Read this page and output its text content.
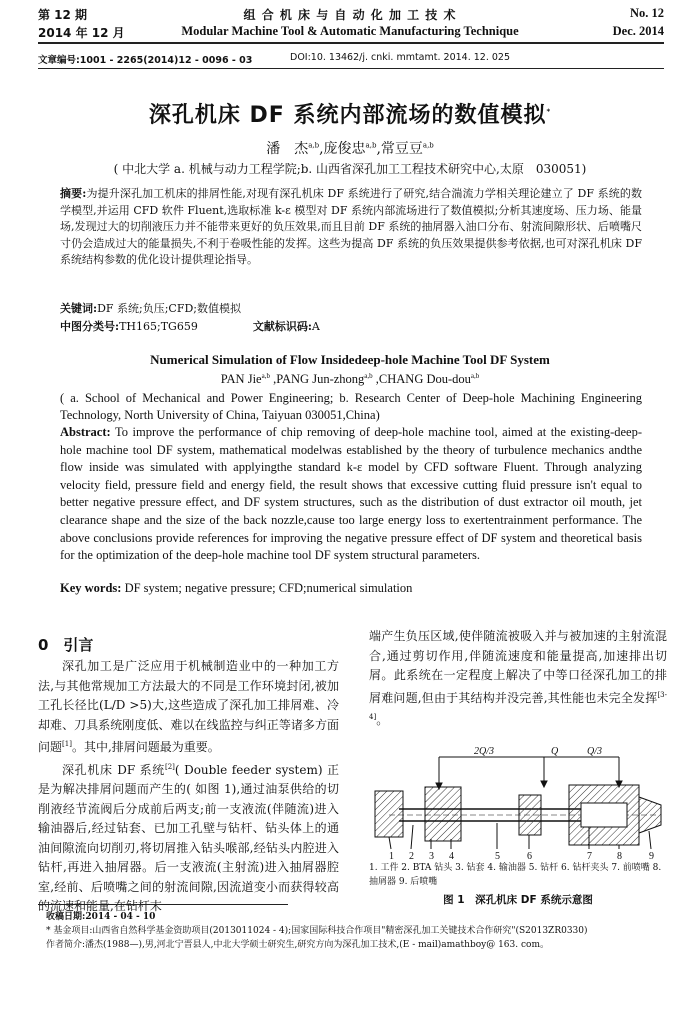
第 12 期
2014 年 12 月
组 合 机 床 与 自 动 化 加 工 技 术
Modular Machine Tool & Automatic Manufacturing Technique
No. 12
Dec. 2014
文章编号:1001 - 2265(2014)12 - 0096 - 03	DOI:10. 13462/j. cnki. mmtamt. 2014. 12. 025
深孔机床 DF 系统内部流场的数值模拟*
潘　杰$^{a,b}$,庞俊忠$^{a,b}$,常豆豆$^{a,b}$
( 中北大学 a. 机械与动力工程学院;b. 山西省深孔加工工程技术研究中心,太原　030051)
摘要:为提升深孔加工机床的排屑性能,对现有深孔机床 DF 系统进行了研究,结合湍流力学相关理论建立了 DF 系统的数学模型,并运用 CFD 软件 Fluent,选取标准 k-ε 模型对 DF 系统内部流场进行了数值模拟;分析其速度场、压力场、能量场,发现过大的切削液压力并不能带来更好的负压效果,而且目前 DF 系统的抽屑器入油口分布、射流间隙形状、后喷嘴尺寸仍会造成过大的能量损失,不利于卷吸性能的发挥。这些为提高 DF 系统的负压效果提供参考依据,也可对深孔机床 DF 系统结构参数的优化设计提供理论指导。
关键词:DF 系统;负压;CFD;数值模拟
中图分类号:TH165;TG659	文献标识码:A
Numerical Simulation of Flow Insidedeep-hole Machine Tool DF System
PAN Jie$^{a,b}$ ,PANG Jun-zhong$^{a,b}$ ,CHANG Dou-dou$^{a,b}$
( a. School of Mechanical and Power Engineering; b. Research Center of Deep-hole Machining Engineering Technology, North University of China, Taiyuan 030051,China)
Abstract: To improve the performance of chip removing of deep-hole machine tool, aimed at the existing-deep-hole machine tool DF system, mathematical modelwas established by the theory of turbulence mechanics andthe flow inside was simulated with applyingthe standard k-ε model by CFD software Fluent. Through analyzing velocity field, pressure field and energy field, the result shows that excessive cutting fluid pressure isn't equal to better negative pressure effect, and DF system structures, such as the distribution of dust extractor oil mouth, jet clearance shape and the size of the back nozzle,cause too large energy loss to exertentrainment performance. The above conclusions provide references for improving the negative pressure effect of DF system and theoretical basis for the optimization of the deep-hole machine tool DF system structural parameters.
Key words: DF system; negative pressure; CFD;numerical simulation
0　引言

深孔加工是广泛应用于机械制造业中的一种加工方法,与其他常规加工方法最大的不同是工作环境封闭,被加工孔长径比(L/D >5)大,这些造成了深孔加工排屑难、冷却难、刀具系统刚度低、难以在线监控与纠正等诸多方面问题[1]。其中,排屑问题最为重要。

深孔机床 DF 系统[2]( Double feeder system) 正是为解决排屑问题而产生的( 如图 1),通过油泵供给的切削液经节流阀后分成前后两支;前一支液流(伴随流)进入输油器后,经过钻套、已加工孔壁与钻杆、钻头体上的通油间隙流向切削刃,将切屑推入钻头喉部,经钻头内腔进入钻杆,再进入抽屑器。后一支液流(主射流)进入抽屑器腔室,经前、后喷嘴之间的射流间隙,因流道变小而获得较高的流速和能量,在钻杆末

端产生负压区域,使伴随流被吸入并与被加速的主射流混合,通过剪切作用,伴随流速度和能量提高,加速排出切屑。此系统在一定程度上解决了中等口径深孔加工的排屑难问题,但由于其结构并没完善,其性能也未完全发挥[3-4]。

2Q/3	Q	Q/3
1 2 3 4	5	6	7	8	9
1. 工件 2. BTA 钻头 3. 钻套 4. 输油器 5. 钻杆 6. 钻杆夹头 7. 前喷嘴 8. 抽屑器 9. 后喷嘴
图 1　深孔机床 DF 系统示意图
收稿日期:2014 - 04 - 10
* 基金项目:山西省自然科学基金资助项目(2013011024 - 4);国家国际科技合作项目"精密深孔加工关键技术合作研究"(S2013ZR0330)
作者简介:潘杰(1988—),男,河北宁晋县人,中北大学硕士研究生,研究方向为深孔加工技术,(E - mail)amathboy@ 163. com。
